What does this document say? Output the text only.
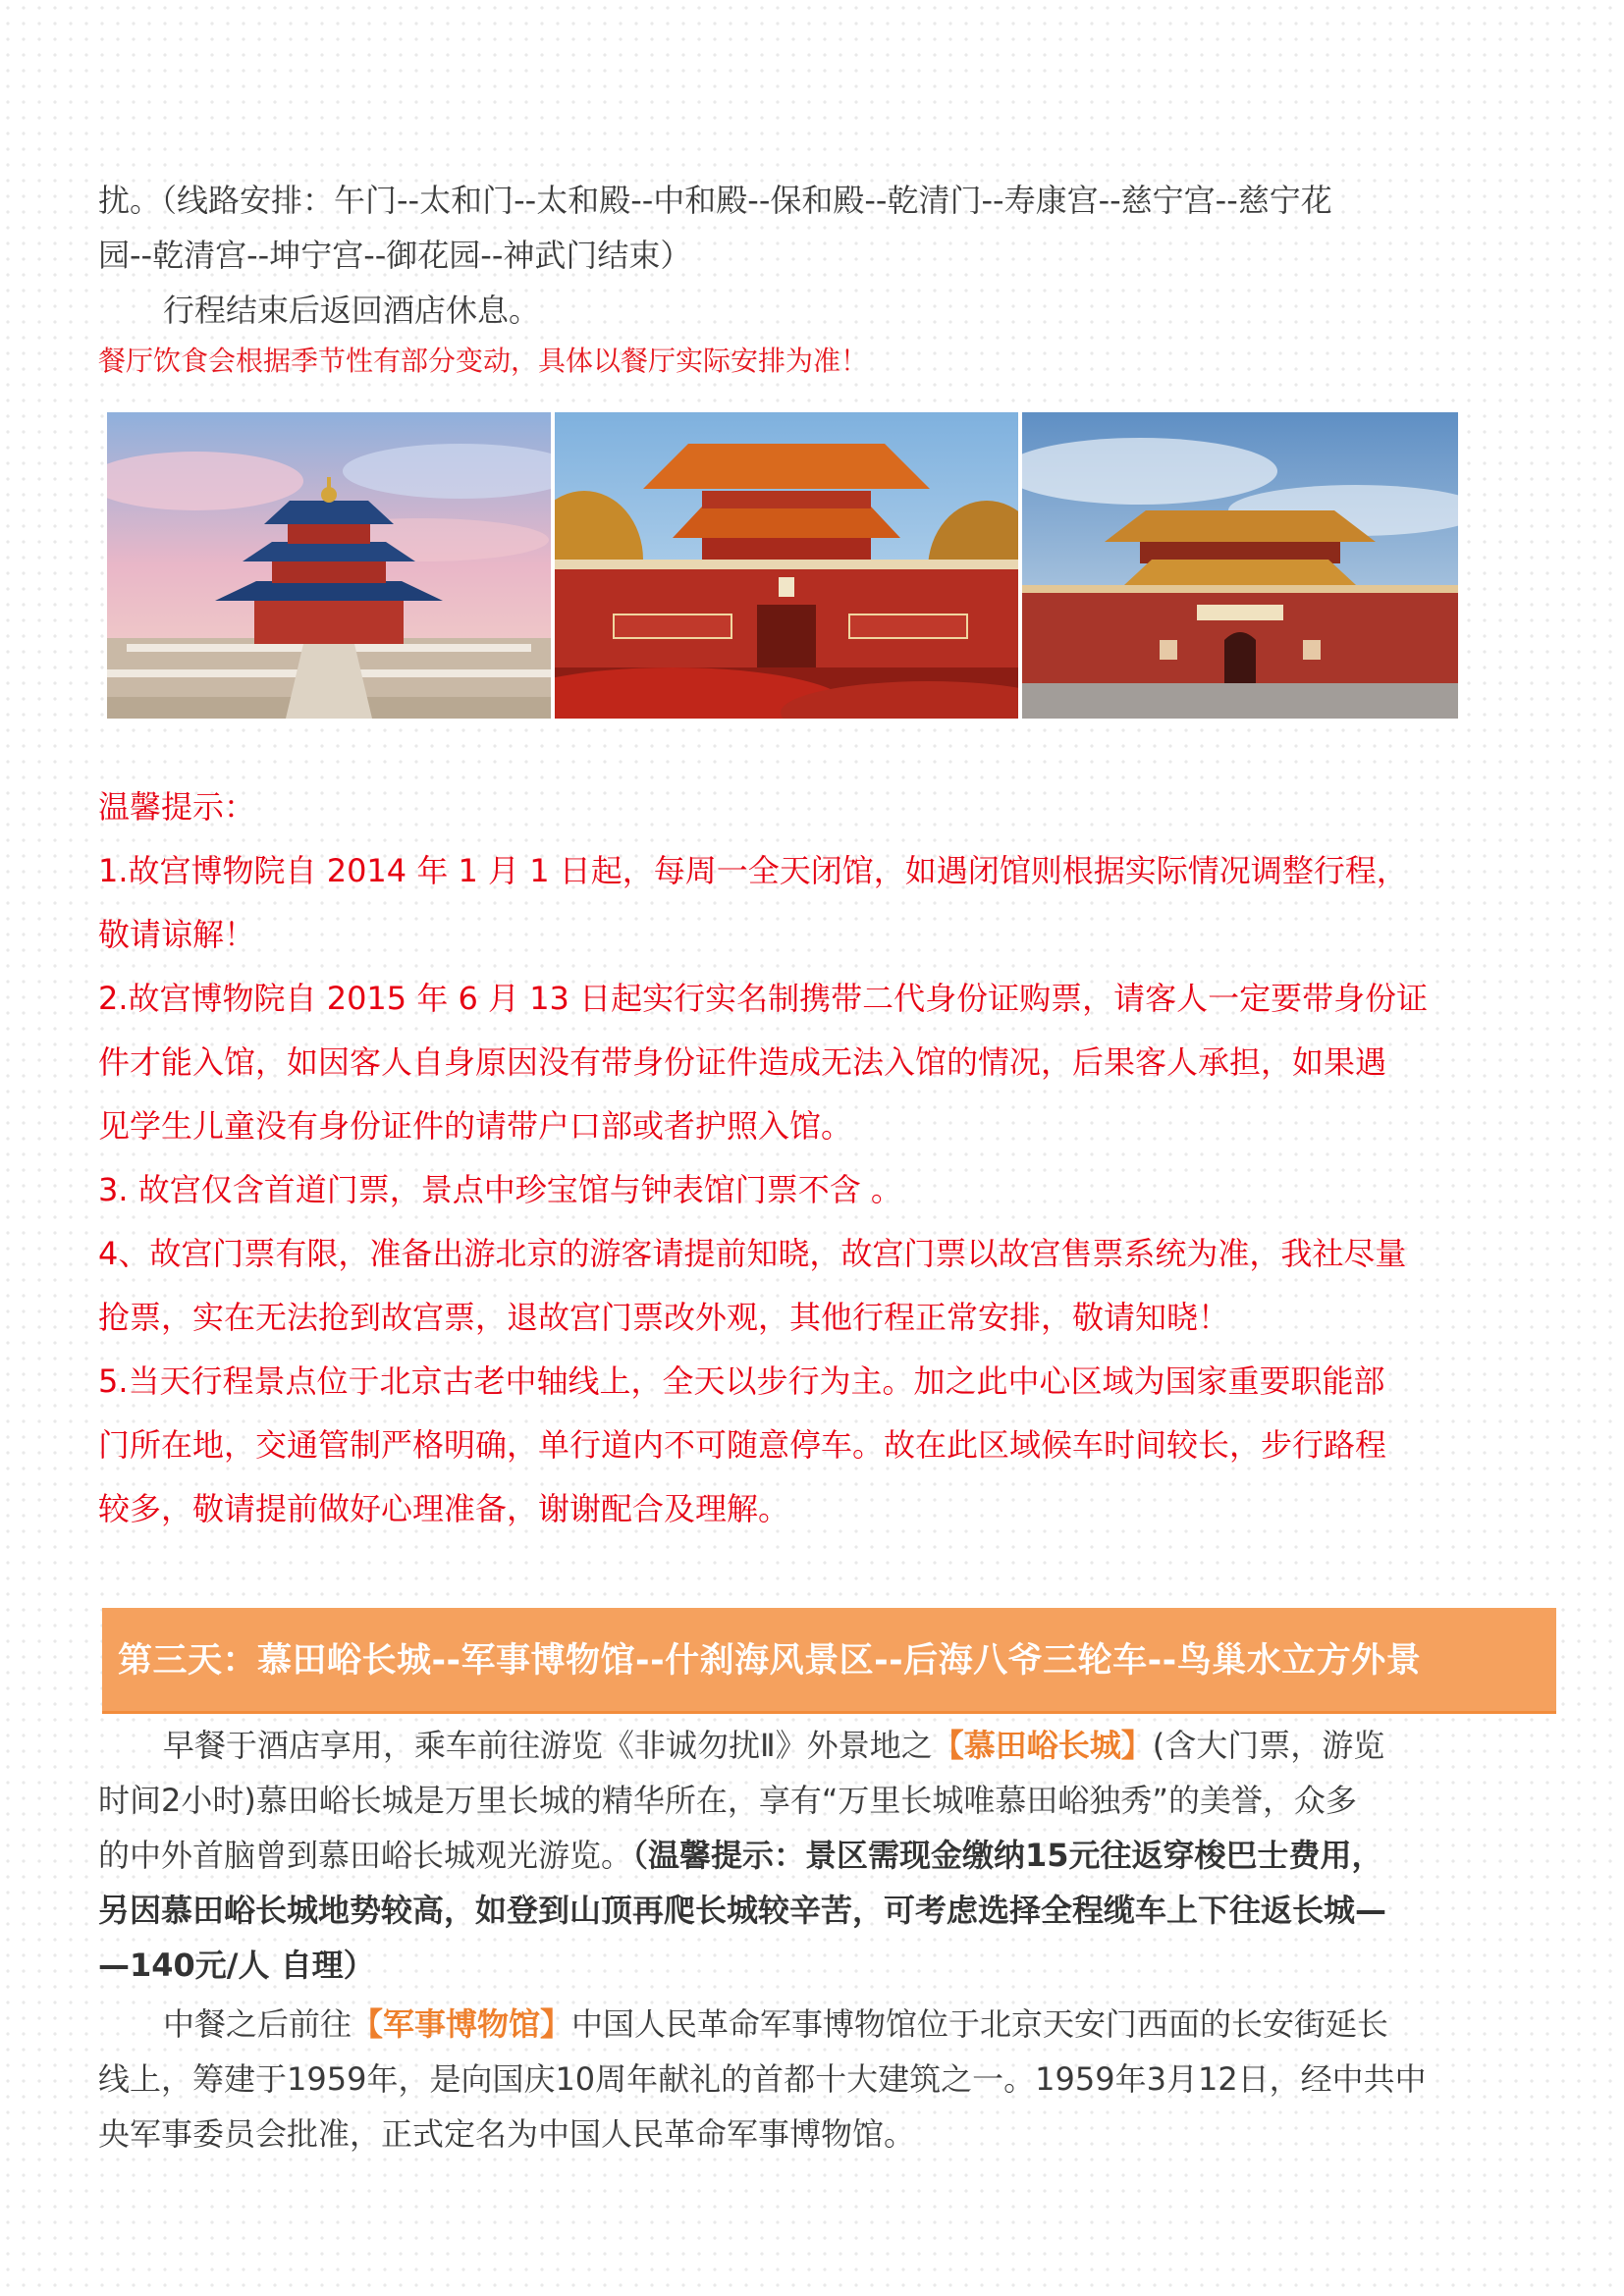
扰。（线路安排：午门--太和门--太和殿--中和殿--保和殿--乾清门--寿康宫--慈宁宫--慈宁花

园--乾清宫--坤宁宫--御花园--神武门结束）

行程结束后返回酒店休息。

餐厅饮食会根据季节性有部分变动，具体以餐厅实际安排为准！

温馨提示：

1.故宫博物院自 2014 年 1 月 1 日起，每周一全天闭馆，如遇闭馆则根据实际情况调整行程，

敬请谅解！

2.故宫博物院自 2015 年 6 月 13 日起实行实名制携带二代身份证购票，请客人一定要带身份证

件才能入馆，如因客人自身原因没有带身份证件造成无法入馆的情况，后果客人承担，如果遇

见学生儿童没有身份证件的请带户口部或者护照入馆。

3. 故宫仅含首道门票，景点中珍宝馆与钟表馆门票不含 。

4、故宫门票有限，准备出游北京的游客请提前知晓，故宫门票以故宫售票系统为准，我社尽量

抢票，实在无法抢到故宫票，退故宫门票改外观，其他行程正常安排，敬请知晓！

5.当天行程景点位于北京古老中轴线上，全天以步行为主。加之此中心区域为国家重要职能部

门所在地，交通管制严格明确，单行道内不可随意停车。故在此区域候车时间较长，步行路程

较多，敬请提前做好心理准备，谢谢配合及理解。

第三天：慕田峪长城--军事博物馆--什刹海风景区--后海八爷三轮车--鸟巢水立方外景

早餐于酒店享用，乘车前往游览《非诚勿扰Ⅱ》外景地之【慕田峪长城】(含大门票，游览

时间2小时)慕田峪长城是万里长城的精华所在，享有“万里长城唯慕田峪独秀”的美誉，众多

的中外首脑曾到慕田峪长城观光游览。（温馨提示：景区需现金缴纳15元往返穿梭巴士费用，

另因慕田峪长城地势较高，如登到山顶再爬长城较辛苦，可考虑选择全程缆车上下往返长城—

—140元/人 自理）

中餐之后前往【军事博物馆】中国人民革命军事博物馆位于北京天安门西面的长安街延长

线上，筹建于1959年，是向国庆10周年献礼的首都十大建筑之一。1959年3月12日，经中共中

央军事委员会批准，正式定名为中国人民革命军事博物馆。
